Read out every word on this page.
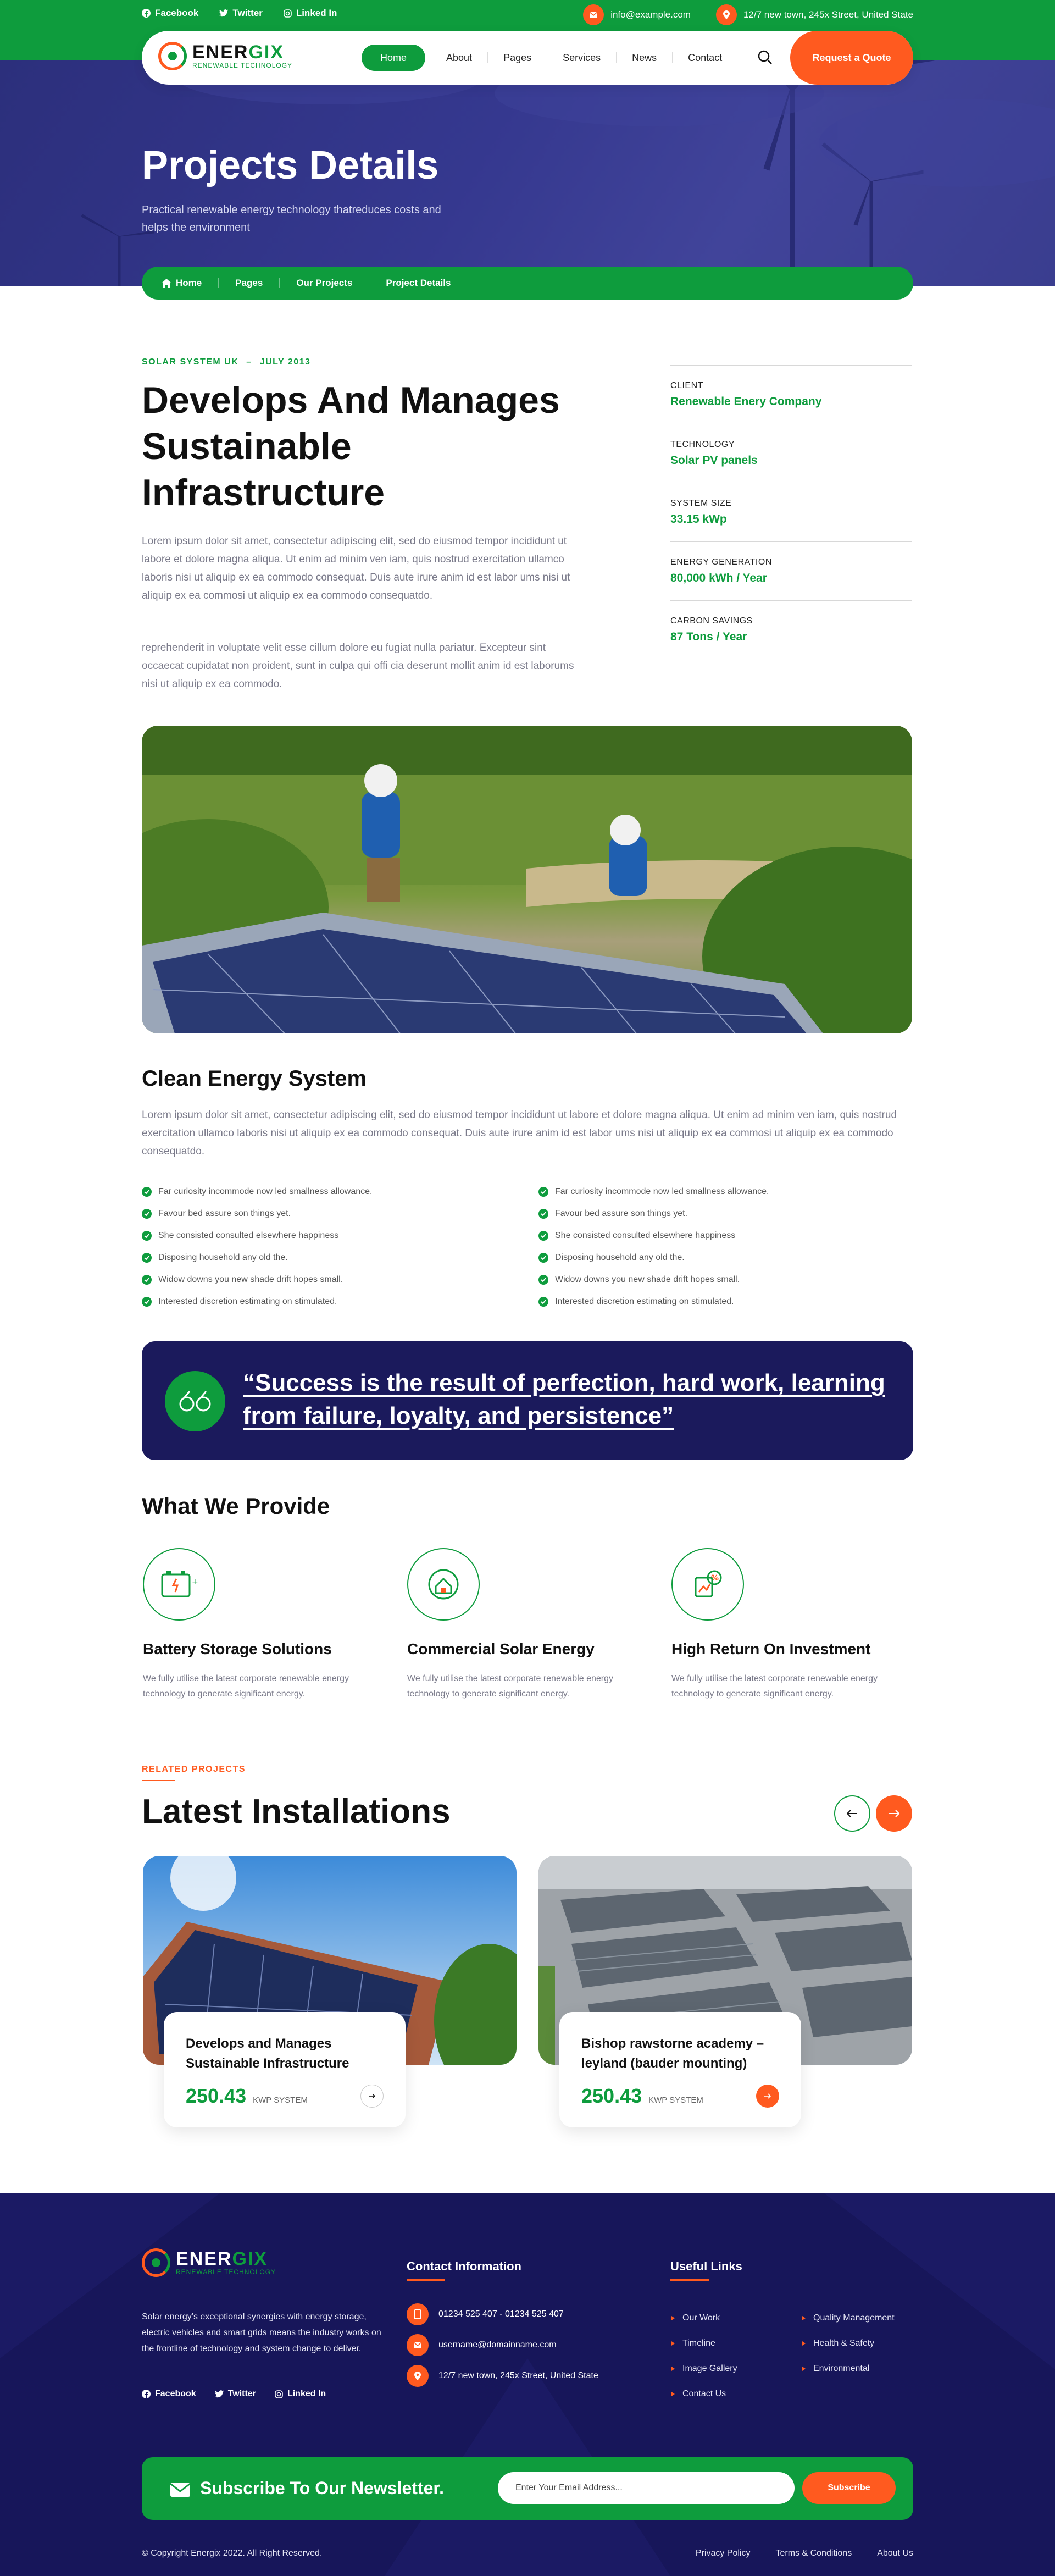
Facebook	Twitter	Linked In	info@example.com	12/7 new town, 245x Street, United State
Projects Details

Practical renewable energy technology thatreduces costs and helps the environment

ENERGIX
RENEWABLE TECHNOLOGY
Home	About	Pages	Services	News	Contact	Request a Quote
Home	Pages	Our Projects	Project Details
SOLAR SYSTEM UK – JULY 2013
Develops And Manages Sustainable Infrastructure

Lorem ipsum dolor sit amet, consectetur adipiscing elit, sed do eiusmod tempor incididunt ut labore et dolore magna aliqua. Ut enim ad minim ven iam, quis nostrud exercitation ullamco laboris nisi ut aliquip ex ea commodo consequat. Duis aute irure anim id est labor ums nisi ut aliquip ex ea commosi ut aliquip ex ea commodo consequatdo.

reprehenderit in voluptate velit esse cillum dolore eu fugiat nulla pariatur. Excepteur sint occaecat cupidatat non proident, sunt in culpa qui offi cia deserunt mollit anim id est laborums nisi ut aliquip ex ea commodo.

CLIENT
Renewable Enery Company
TECHNOLOGY
Solar PV panels
SYSTEM SIZE
33.15 kWp
ENERGY GENERATION
80,000 kWh / Year
CARBON SAVINGS
87 Tons / Year
Clean Energy System

Lorem ipsum dolor sit amet, consectetur adipiscing elit, sed do eiusmod tempor incididunt ut labore et dolore magna aliqua. Ut enim ad minim ven iam, quis nostrud exercitation ullamco laboris nisi ut aliquip ex ea commodo consequat. Duis aute irure anim id est labor ums nisi ut aliquip ex ea commosi ut aliquip ex ea commodo consequatdo.

Far curiosity incommode now led smallness allowance.
Favour bed assure son things yet.
She consisted consulted elsewhere happiness
Disposing household any old the.
Widow downs you new shade drift hopes small.
Interested discretion estimating on stimulated.
Far curiosity incommode now led smallness allowance.
Favour bed assure son things yet.
She consisted consulted elsewhere happiness
Disposing household any old the.
Widow downs you new shade drift hopes small.
Interested discretion estimating on stimulated.
“Success is the result of perfection, hard work, learning from failure, loyalty, and persistence”
What We Provide
+
Battery Storage Solutions

We fully utilise the latest corporate renewable energy technology to generate significant energy.

Commercial Solar Energy

We fully utilise the latest corporate renewable energy technology to generate significant energy.

%
High Return On Investment

We fully utilise the latest corporate renewable energy technology to generate significant energy.

RELATED PROJECTS
Latest Installations
Develops and Manages Sustainable Infrastructure
250.43 KWP SYSTEM
Bishop rawstorne academy – leyland (bauder mounting)
250.43 KWP SYSTEM
ENERGIX
RENEWABLE TECHNOLOGY

Solar energy’s exceptional synergies with energy storage, electric vehicles and smart grids means the industry works on the frontline of technology and system change to deliver.

Facebook	Twitter	Linked In
Contact Information
01234 525 407 - 01234 525 407
username@domainname.com
12/7 new town, 245x Street, United State
Useful Links
Our Work
Timeline
Image Gallery
Contact Us
Quality Management
Health & Safety
Environmental
Subscribe To Our Newsletter.
Enter Your Email Address...	Subscribe
© Copyright Energix 2022. All Right Reserved.	Privacy Policy	Terms & Conditions	About Us
